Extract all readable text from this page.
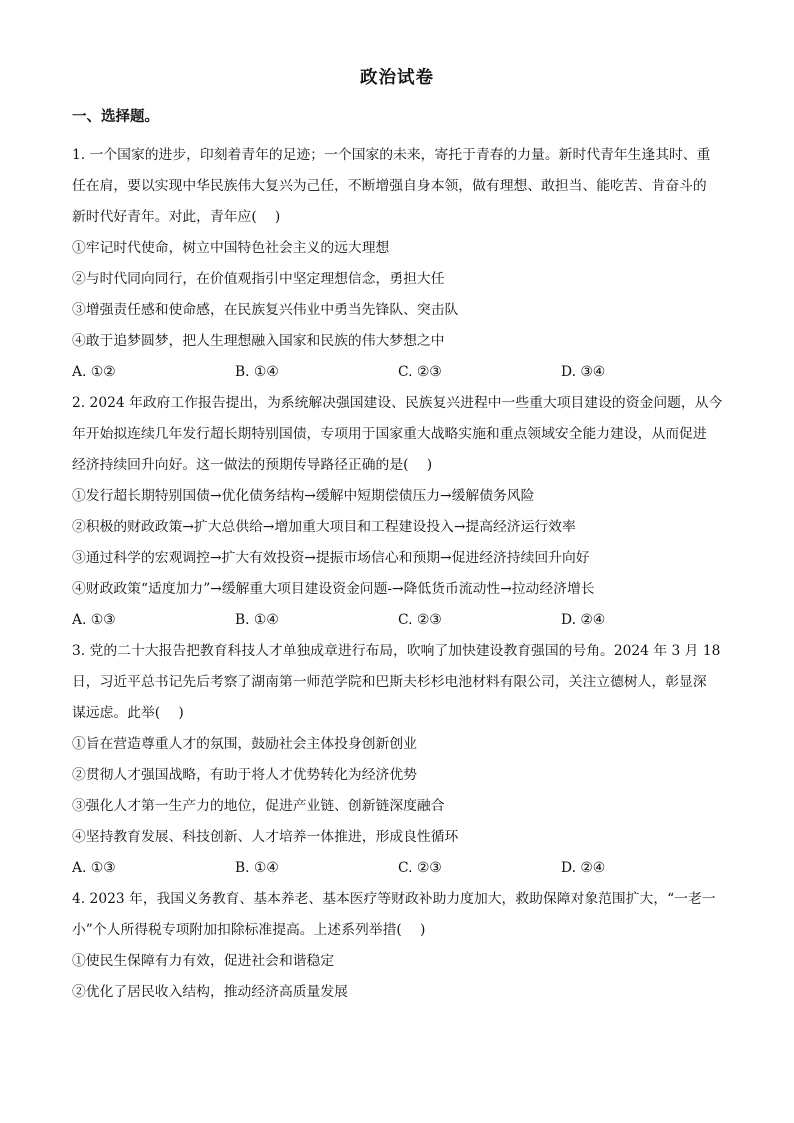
政治试卷
一、选择题。

1. 一个国家的进步，印刻着青年的足迹；一个国家的未来，寄托于青春的力量。新时代青年生逢其时、重

任在肩，要以实现中华民族伟大复兴为己任，不断增强自身本领，做有理想、敢担当、能吃苦、肯奋斗的

新时代好青年。对此，青年应(　 )

①牢记时代使命，树立中国特色社会主义的远大理想

②与时代同向同行，在价值观指引中坚定理想信念，勇担大任

③增强责任感和使命感，在民族复兴伟业中勇当先锋队、突击队

④敢于追梦圆梦，把人生理想融入国家和民族的伟大梦想之中

A. ①②	B. ①④	C. ②③	D. ③④

2. 2024 年政府工作报告提出，为系统解决强国建设、民族复兴进程中一些重大项目建设的资金问题，从今

年开始拟连续几年发行超长期特别国债，专项用于国家重大战略实施和重点领域安全能力建设，从而促进

经济持续回升向好。这一做法的预期传导路径正确的是(　 )

①发行超长期特别国债→优化债务结构→缓解中短期偿债压力→缓解债务风险

②积极的财政政策→扩大总供给→增加重大项目和工程建设投入→提高经济运行效率

③通过科学的宏观调控→扩大有效投资→提振市场信心和预期→促进经济持续回升向好

④财政政策“适度加力”→缓解重大项目建设资金问题-→降低货币流动性→拉动经济增长

A. ①③	B. ①④	C. ②③	D. ②④

3. 党的二十大报告把教育科技人才单独成章进行布局，吹响了加快建设教育强国的号角。2024 年 3 月 18

日，习近平总书记先后考察了湖南第一师范学院和巴斯夫杉杉电池材料有限公司，关注立德树人，彰显深

谋远虑。此举(　 )

①旨在营造尊重人才的氛围，鼓励社会主体投身创新创业

②贯彻人才强国战略，有助于将人才优势转化为经济优势

③强化人才第一生产力的地位，促进产业链、创新链深度融合

④坚持教育发展、科技创新、人才培养一体推进，形成良性循环

A. ①③	B. ①④	C. ②③	D. ②④

4. 2023 年，我国义务教育、基本养老、基本医疗等财政补助力度加大，救助保障对象范围扩大，“一老一

小”个人所得税专项附加扣除标准提高。上述系列举措(　 )

①使民生保障有力有效，促进社会和谐稳定

②优化了居民收入结构，推动经济高质量发展
